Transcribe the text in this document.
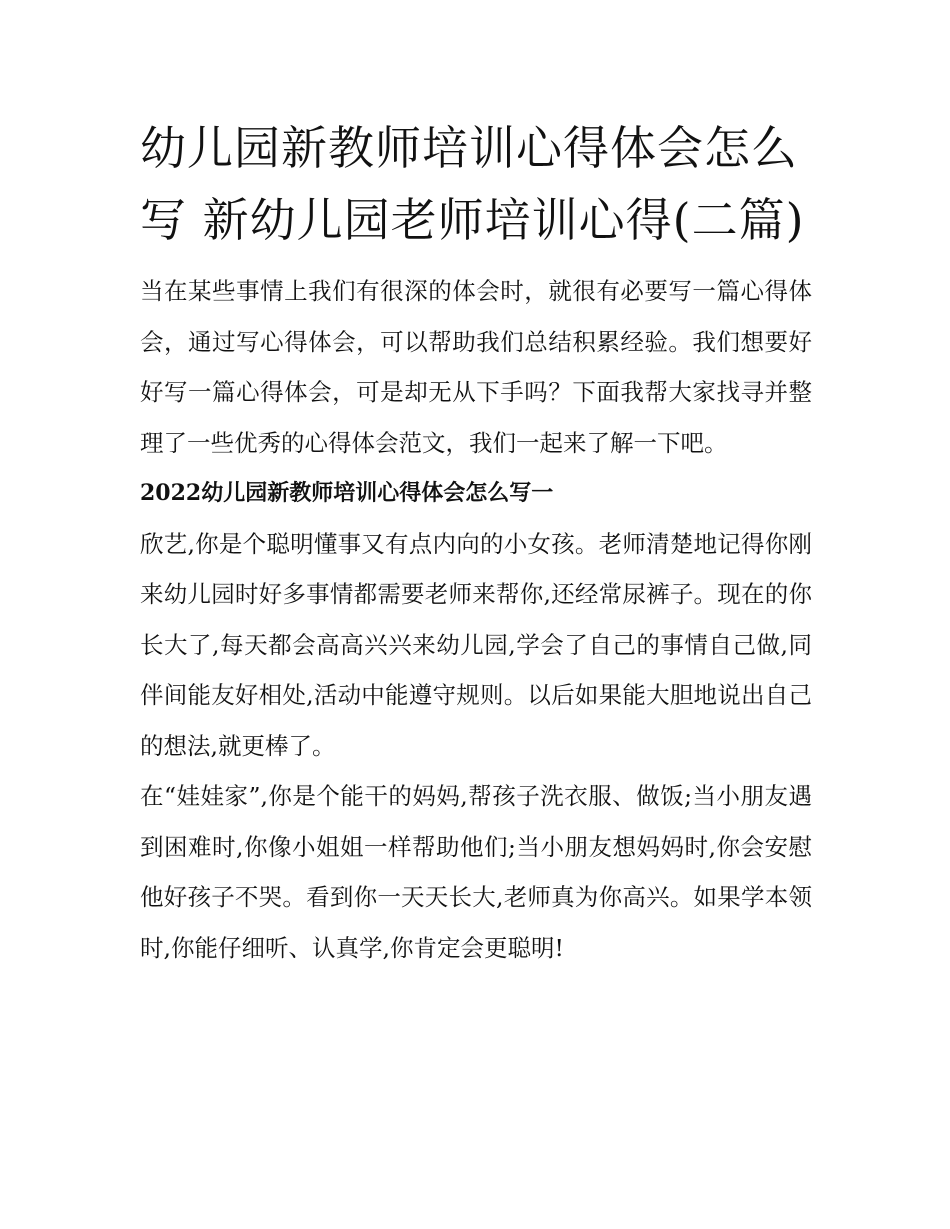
幼儿园新教师培训心得体会怎么写 新幼儿园老师培训心得(二篇)

当在某些事情上我们有很深的体会时，就很有必要写一篇心得体会，通过写心得体会，可以帮助我们总结积累经验。我们想要好好写一篇心得体会，可是却无从下手吗？下面我帮大家找寻并整理了一些优秀的心得体会范文，我们一起来了解一下吧。

2022幼儿园新教师培训心得体会怎么写一

欣艺,你是个聪明懂事又有点内向的小女孩。老师清楚地记得你刚来幼儿园时好多事情都需要老师来帮你,还经常尿裤子。现在的你长大了,每天都会高高兴兴来幼儿园,学会了自己的事情自己做,同伴间能友好相处,活动中能遵守规则。以后如果能大胆地说出自己的想法,就更棒了。

在“娃娃家”,你是个能干的妈妈,帮孩子洗衣服、做饭;当小朋友遇到困难时,你像小姐姐一样帮助他们;当小朋友想妈妈时,你会安慰他好孩子不哭。看到你一天天长大,老师真为你高兴。如果学本领时,你能仔细听、认真学,你肯定会更聪明!
